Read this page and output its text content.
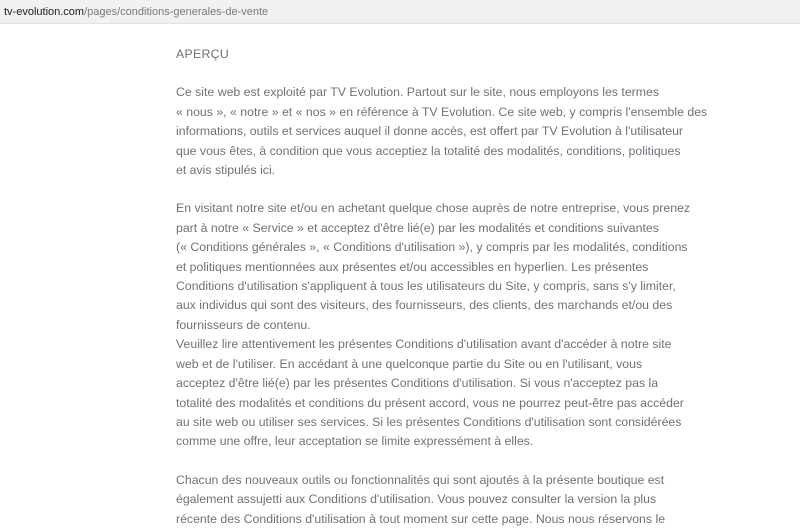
tv-evolution.com/pages/conditions-generales-de-vente
APERÇU

Ce site web est exploité par TV Evolution. Partout sur le site, nous employons les termes
« nous », « notre » et « nos » en référence à TV Evolution. Ce site web, y compris l'ensemble des
informations, outils et services auquel il donne accès, est offert par TV Evolution à l'utilisateur
que vous êtes, à condition que vous acceptiez la totalité des modalités, conditions, politiques
et avis stipulés ici.

En visitant notre site et/ou en achetant quelque chose auprès de notre entreprise, vous prenez
part à notre « Service » et acceptez d'être lié(e) par les modalités et conditions suivantes
(« Conditions générales », « Conditions d'utilisation »), y compris par les modalités, conditions
et politiques mentionnées aux présentes et/ou accessibles en hyperlien. Les présentes
Conditions d'utilisation s'appliquent à tous les utilisateurs du Site, y compris, sans s'y limiter,
aux individus qui sont des visiteurs, des fournisseurs, des clients, des marchands et/ou des
fournisseurs de contenu.

Veuillez lire attentivement les présentes Conditions d'utilisation avant d'accéder à notre site
web et de l'utiliser. En accédant à une quelconque partie du Site ou en l'utilisant, vous
acceptez d'être lié(e) par les présentes Conditions d'utilisation. Si vous n'acceptez pas la
totalité des modalités et conditions du présent accord, vous ne pourrez peut-être pas accéder
au site web ou utiliser ses services. Si les présentes Conditions d'utilisation sont considérées
comme une offre, leur acceptation se limite expressément à elles.

Chacun des nouveaux outils ou fonctionnalités qui sont ajoutés à la présente boutique est
également assujetti aux Conditions d'utilisation. Vous pouvez consulter la version la plus
récente des Conditions d'utilisation à tout moment sur cette page. Nous nous réservons le
